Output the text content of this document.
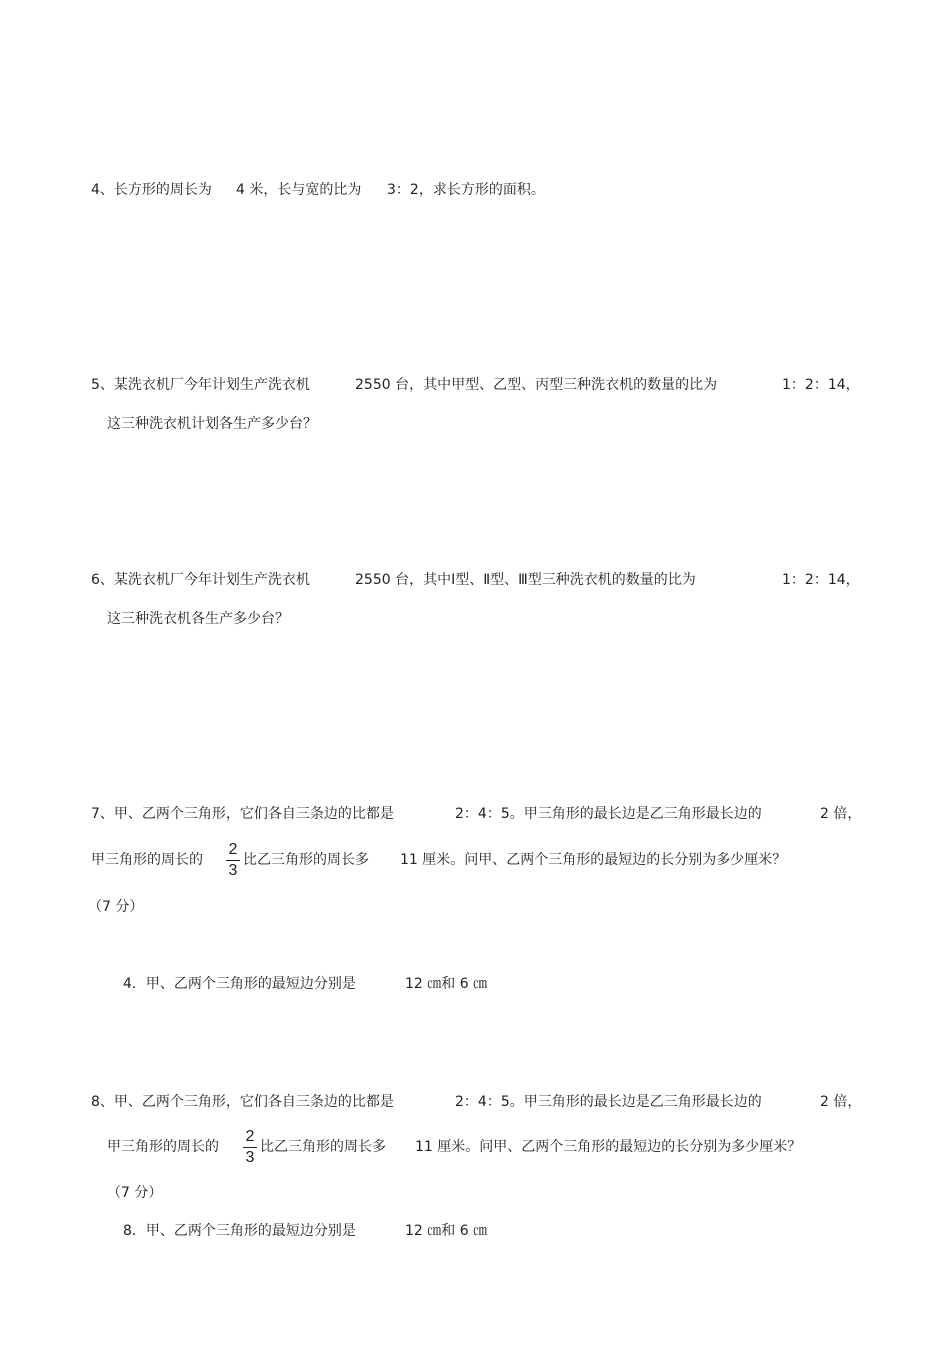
4、长方形的周长为 4 米，长与宽的比为 3：2，求长方形的面积。
5、某洗衣机厂今年计划生产洗衣机	2550 台，其中甲型、乙型、丙型三种洗衣机的数量的比为	1：2：14，
这三种洗衣机计划各生产多少台？
6、某洗衣机厂今年计划生产洗衣机	2550 台，其中Ⅰ型、Ⅱ型、Ⅲ型三种洗衣机的数量的比为	1：2：14，
这三种洗衣机各生产多少台？
7、甲、乙两个三角形，它们各自三条边的比都是	2：4：5。甲三角形的最长边是乙三角形最长边的	2 倍，
甲三角形的周长的
2
3
比乙三角形的周长多 11 厘米。问甲、乙两个三角形的最短边的长分别为多少厘米？
（7 分）
4．甲、乙两个三角形的最短边分别是	12 ㎝和 6 ㎝
8、甲、乙两个三角形，它们各自三条边的比都是	2：4：5。甲三角形的最长边是乙三角形最长边的	2 倍，
甲三角形的周长的
2
3
比乙三角形的周长多 11 厘米。问甲、乙两个三角形的最短边的长分别为多少厘米？
（7 分）
8．甲、乙两个三角形的最短边分别是	12 ㎝和 6 ㎝
